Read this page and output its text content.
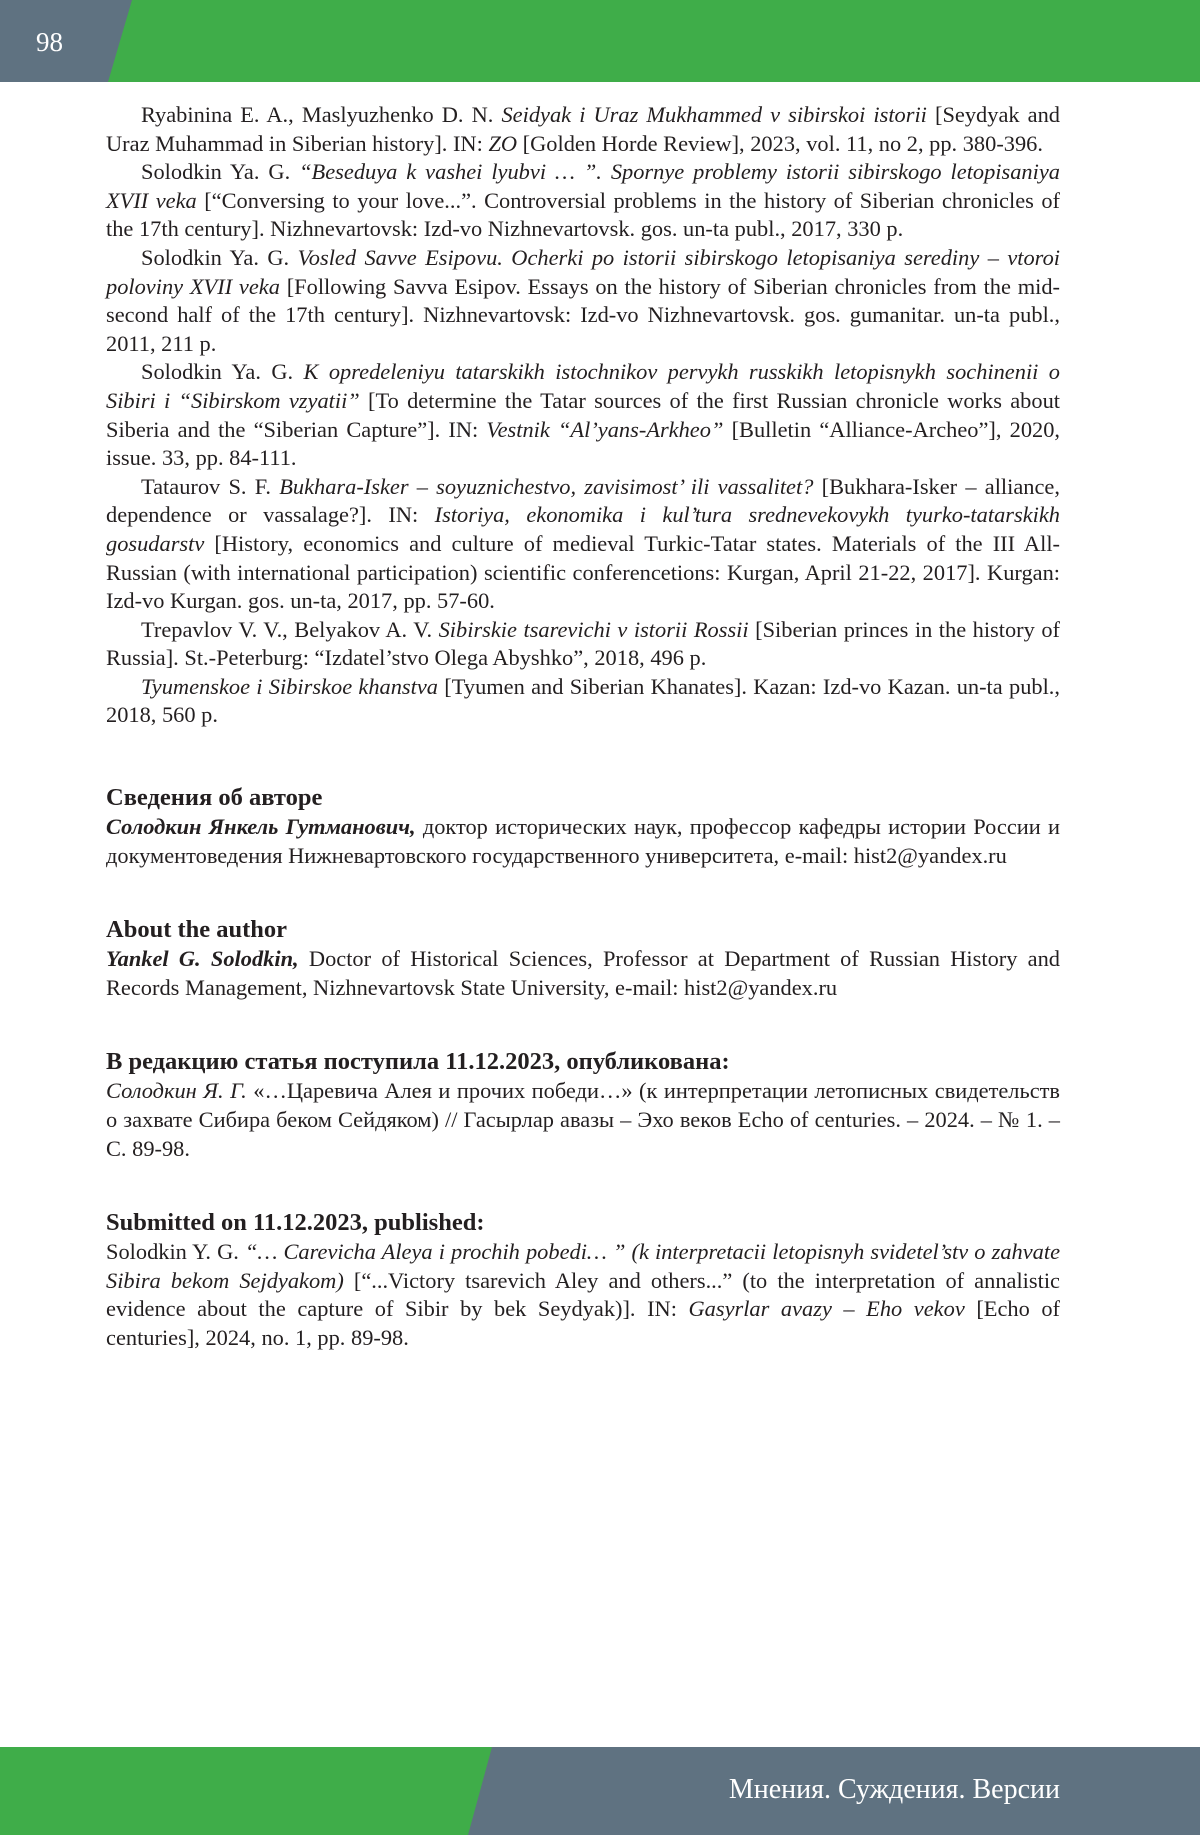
98

Ryabinina E. A., Maslyuzhenko D. N. Seidyak i Uraz Mukhammed v sibirskoi istorii [Seydyak and Uraz Muhammad in Siberian history]. IN: ZO [Golden Horde Review], 2023, vol. 11, no 2, pp. 380-396.

Solodkin Ya. G. “Beseduya k vashei lyubvi … ”. Spornye problemy istorii sibirskogo letopisaniya XVII veka [“Conversing to your love...”. Controversial problems in the history of Siberian chronicles of the 17th century]. Nizhnevartovsk: Izd-vo Nizhnevartovsk. gos. un-ta publ., 2017, 330 p.

Solodkin Ya. G. Vosled Savve Esipovu. Ocherki po istorii sibirskogo letopisaniya serediny – vtoroi poloviny XVII veka [Following Savva Esipov. Essays on the history of Siberian chronicles from the mid-second half of the 17th century]. Nizhnevartovsk: Izd-vo Nizhnevartovsk. gos. gumanitar. un-ta publ., 2011, 211 p.

Solodkin Ya. G. K opredeleniyu tatarskikh istochnikov pervykh russkikh letopisnykh sochinenii o Sibiri i “Sibirskom vzyatii” [To determine the Tatar sources of the first Russian chronicle works about Siberia and the “Siberian Capture”]. IN: Vestnik “Al’yans-Arkheo” [Bulletin “Alliance-Archeo”], 2020, issue. 33, pp. 84-111.

Tataurov S. F. Bukhara-Isker – soyuznichestvo, zavisimost’ ili vassalitet? [Bukhara-Isker – alliance, dependence or vassalage?]. IN: Istoriya, ekonomika i kul’tura srednevekovykh tyurko-tatarskikh gosudarstv [History, economics and culture of medieval Turkic-Tatar states. Materials of the III All-Russian (with international participation) scientific conferencetions: Kurgan, April 21-22, 2017]. Kurgan: Izd-vo Kurgan. gos. un-ta, 2017, pp. 57-60.

Trepavlov V. V., Belyakov A. V. Sibirskie tsarevichi v istorii Rossii [Siberian princes in the history of Russia]. St.-Peterburg: “Izdatel’stvo Olega Abyshko”, 2018, 496 p.

Tyumenskoe i Sibirskoe khanstva [Tyumen and Siberian Khanates]. Kazan: Izd-vo Kazan. un-ta publ., 2018, 560 p.

Сведения об авторе

Солодкин Янкель Гутманович, доктор исторических наук, профессор кафедры истории России и документоведения Нижневартовского государственного университета, e-mail: hist2@yandex.ru

About the author

Yankel G. Solodkin, Doctor of Historical Sciences, Professor at Department of Russian History and Records Management, Nizhnevartovsk State University, e-mail: hist2@yandex.ru

В редакцию статья поступила 11.12.2023, опубликована:

Солодкин Я. Г. «…Царевича Алея и прочих победи…» (к интерпретации летописных свидетельств о захвате Сибира беком Сейдяком) // Гасырлар авазы – Эхо веков Echo of centuries. – 2024. – № 1. – С. 89-98.

Submitted on 11.12.2023, published:

Solodkin Y. G. “… Carevicha Aleya i prochih pobedi… ” (k interpretacii letopisnyh svidetel’stv o zahvate Sibira bekom Sejdyakom) [“...Victory tsarevich Aley and others...” (to the interpretation of annalistic evidence about the capture of Sibir by bek Seydyak)]. IN: Gasyrlar avazy – Eho vekov [Echo of centuries], 2024, no. 1, pp. 89-98.

Мнения. Суждения. Версии
